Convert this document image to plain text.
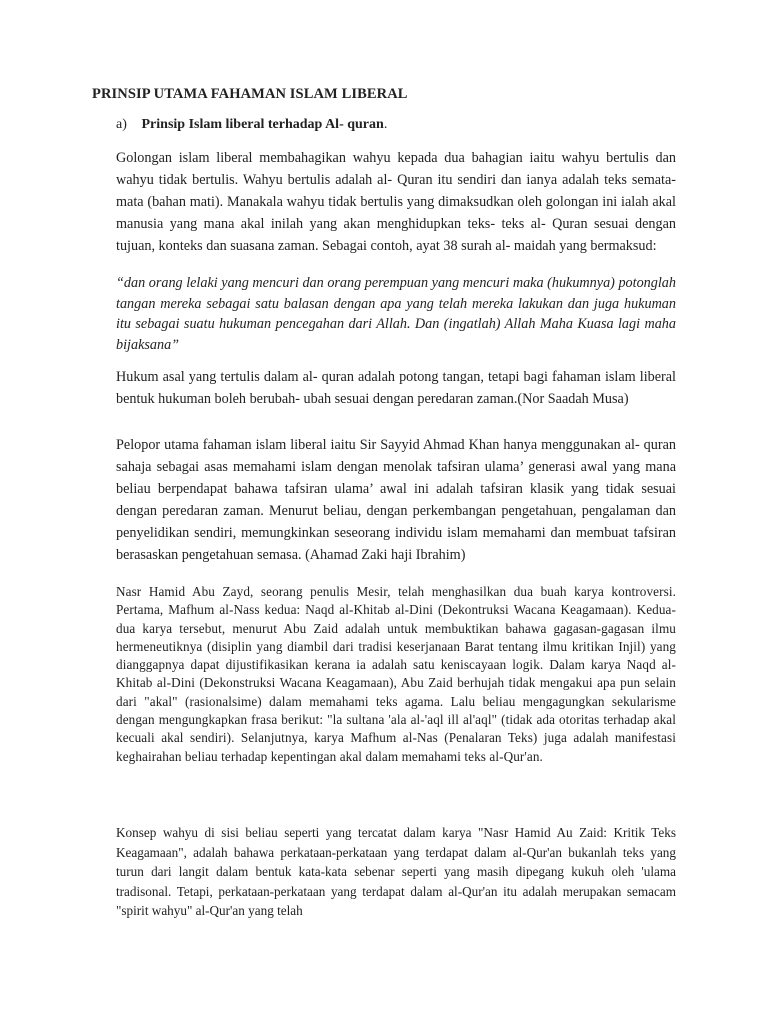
PRINSIP UTAMA FAHAMAN ISLAM LIBERAL
a) Prinsip Islam liberal terhadap Al- quran.

Golongan islam liberal membahagikan wahyu kepada dua bahagian iaitu wahyu bertulis dan wahyu tidak bertulis. Wahyu bertulis adalah al- Quran itu sendiri dan ianya adalah teks semata- mata (bahan mati). Manakala wahyu tidak bertulis yang dimaksudkan oleh golongan ini ialah akal manusia yang mana akal inilah yang akan menghidupkan teks- teks al- Quran sesuai dengan tujuan, konteks dan suasana zaman. Sebagai contoh, ayat 38 surah al- maidah yang bermaksud:

“dan orang lelaki yang mencuri dan orang perempuan yang mencuri maka (hukumnya) potonglah tangan mereka sebagai satu balasan dengan apa yang telah mereka lakukan dan juga hukuman itu sebagai suatu hukuman pencegahan dari Allah. Dan (ingatlah) Allah Maha Kuasa lagi maha bijaksana”

Hukum asal yang tertulis dalam al- quran adalah potong tangan, tetapi bagi fahaman islam liberal bentuk hukuman boleh berubah- ubah sesuai dengan peredaran zaman.(Nor Saadah Musa)

Pelopor utama fahaman islam liberal iaitu Sir Sayyid Ahmad Khan hanya menggunakan al- quran sahaja sebagai asas memahami islam dengan menolak tafsiran ulama’ generasi awal yang mana beliau berpendapat bahawa tafsiran ulama’ awal ini adalah tafsiran klasik yang tidak sesuai dengan peredaran zaman. Menurut beliau, dengan perkembangan pengetahuan, pengalaman dan penyelidikan sendiri, memungkinkan seseorang individu islam memahami dan membuat tafsiran berasaskan pengetahuan semasa. (Ahamad Zaki haji Ibrahim)

Nasr Hamid Abu Zayd, seorang penulis Mesir, telah menghasilkan dua buah karya kontroversi. Pertama, Mafhum al-Nass kedua: Naqd al-Khitab al-Dini (Dekontruksi Wacana Keagamaan). Kedua-dua karya tersebut, menurut Abu Zaid adalah untuk membuktikan bahawa gagasan-gagasan ilmu hermeneutiknya (disiplin yang diambil dari tradisi keserjanaan Barat tentang ilmu kritikan Injil) yang dianggapnya dapat dijustifikasikan kerana ia adalah satu keniscayaan logik. Dalam karya Naqd al-Khitab al-Dini (Dekonstruksi Wacana Keagamaan), Abu Zaid berhujah tidak mengakui apa pun selain dari "akal" (rasionalsime) dalam memahami teks agama. Lalu beliau mengagungkan sekularisme dengan mengungkapkan frasa berikut: "la sultana 'ala al-'aql ill al'aql" (tidak ada otoritas terhadap akal kecuali akal sendiri). Selanjutnya, karya Mafhum al-Nas (Penalaran Teks) juga adalah manifestasi keghairahan beliau terhadap kepentingan akal dalam memahami teks al-Qur'an.

Konsep wahyu di sisi beliau seperti yang tercatat dalam karya "Nasr Hamid Au Zaid: Kritik Teks Keagamaan", adalah bahawa perkataan-perkataan yang terdapat dalam al-Qur'an bukanlah teks yang turun dari langit dalam bentuk kata-kata sebenar seperti yang masih dipegang kukuh oleh 'ulama tradisonal. Tetapi, perkataan-perkataan yang terdapat dalam al-Qur'an itu adalah merupakan semacam "spirit wahyu" al-Qur'an yang telah
